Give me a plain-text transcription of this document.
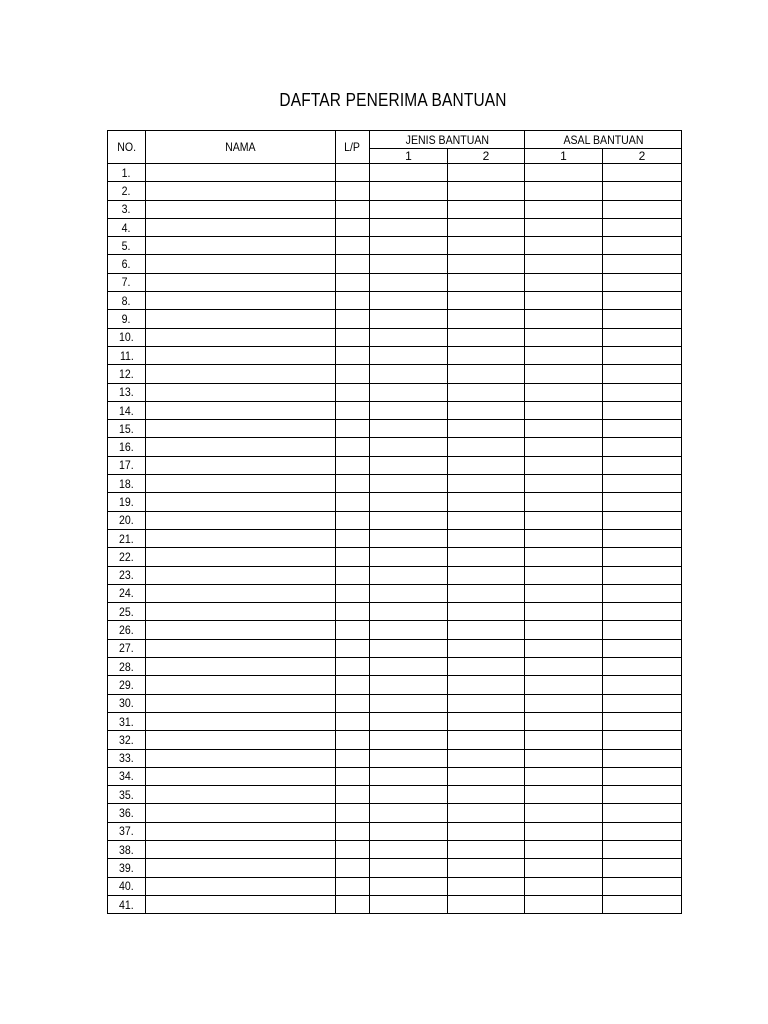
DAFTAR PENERIMA BANTUAN
NO.	NAMA	L/P	JENIS BANTUAN		ASAL BANTUAN	
			1	2	1	2
1.						
2.						
3.						
4.						
5.						
6.						
7.						
8.						
9.						
10.						
11.						
12.						
13.						
14.						
15.						
16.						
17.						
18.						
19.						
20.						
21.						
22.						
23.						
24.						
25.						
26.						
27.						
28.						
29.						
30.						
31.						
32.						
33.						
34.						
35.						
36.						
37.						
38.						
39.						
40.						
41.						
